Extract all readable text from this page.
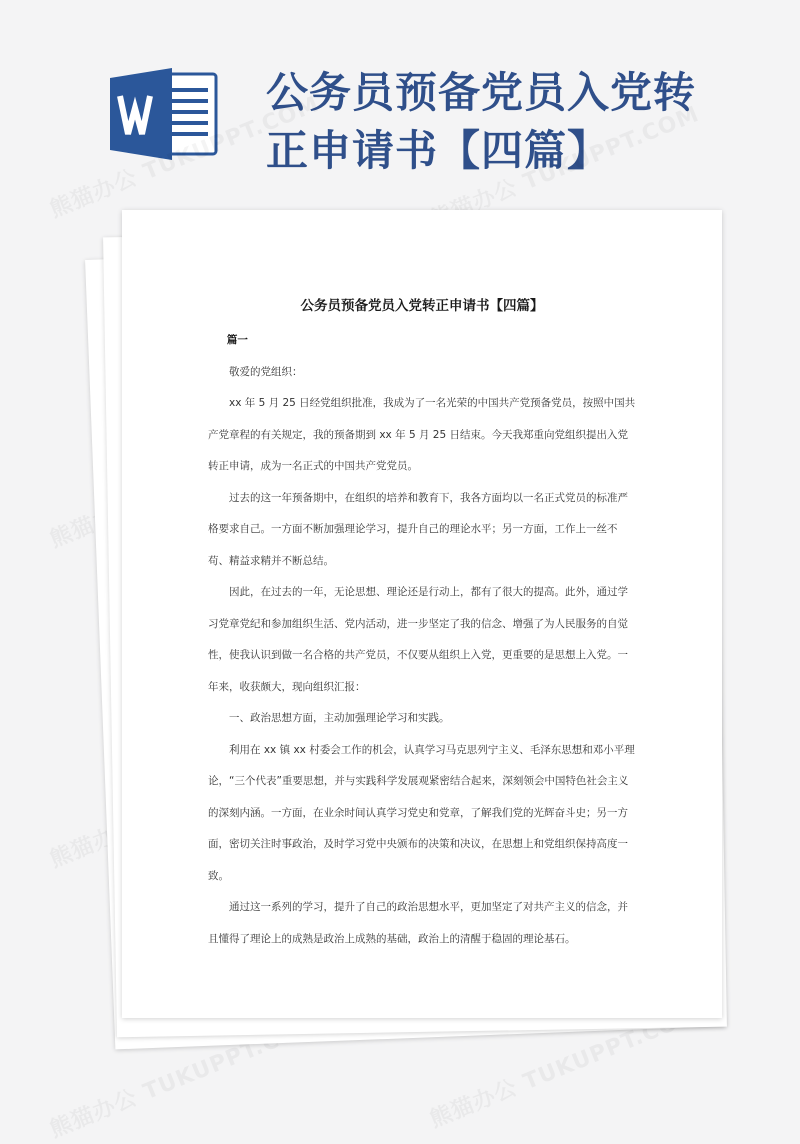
公务员预备党员入党转
正申请书【四篇】
公务员预备党员入党转正申请书【四篇】

篇一

敬爱的党组织：

xx 年 5 月 25 日经党组织批准，我成为了一名光荣的中国共产党预备党员，按照中国共产党章程的有关规定，我的预备期到 xx 年 5 月 25 日结束。今天我郑重向党组织提出入党转正申请，成为一名正式的中国共产党党员。

过去的这一年预备期中，在组织的培养和教育下，我各方面均以一名正式党员的标准严格要求自己。一方面不断加强理论学习，提升自己的理论水平；另一方面，工作上一丝不苟、精益求精并不断总结。

因此，在过去的一年，无论思想、理论还是行动上，都有了很大的提高。此外，通过学习党章党纪和参加组织生活、党内活动，进一步坚定了我的信念、增强了为人民服务的自觉性，使我认识到做一名合格的共产党员，不仅要从组织上入党，更重要的是思想上入党。一年来，收获颇大，现向组织汇报：

一、政治思想方面，主动加强理论学习和实践。

利用在 xx 镇 xx 村委会工作的机会，认真学习马克思列宁主义、毛泽东思想和邓小平理论，“三个代表”重要思想，并与实践科学发展观紧密结合起来，深刻领会中国特色社会主义的深刻内涵。一方面，在业余时间认真学习党史和党章，了解我们党的光辉奋斗史；另一方面，密切关注时事政治，及时学习党中央颁布的决策和决议，在思想上和党组织保持高度一致。

通过这一系列的学习，提升了自己的政治思想水平，更加坚定了对共产主义的信念，并且懂得了理论上的成熟是政治上成熟的基础，政治上的清醒于稳固的理论基石。
